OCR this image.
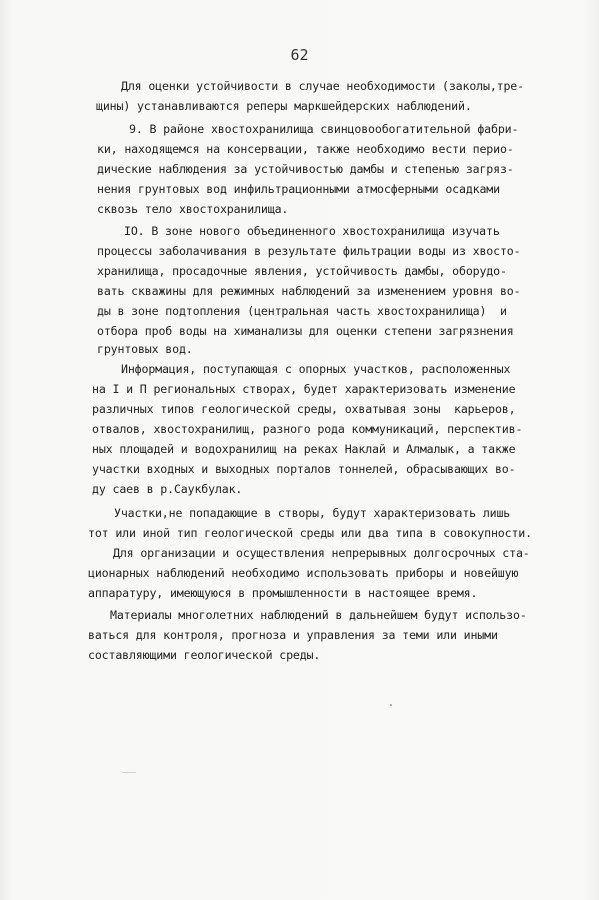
62
Для оценки устойчивости в случае необходимости (заколы,тре-
щины) устанавливаются реперы маркшейдерских наблюдений.
9. В районе хвостохранилища свинцовообогатительной фабри-
ки, находящемся на консервации, также необходимо вести перио-
дические наблюдения за устойчивостью дамбы и степенью загряз-
нения грунтовых вод инфильтрационными атмосферными осадками
сквозь тело хвостохранилища.
IO. В зоне нового объединенного хвостохранилища изучать
процессы заболачивания в результате фильтрации воды из хвосто-
хранилища, просадочные явления, устойчивость дамбы, оборудо-
вать скважины для режимных наблюдений за изменением уровня во-
ды в зоне подтопления (центральная часть хвостохранилища)  и
отбора проб воды на химанализы для оценки степени загрязнения
грунтовых вод.
Информация, поступающая с опорных участков, расположенных
на I и П региональных створах, будет характеризовать изменение
различных типов геологической среды, охватывая зоны  карьеров,
отвалов, хвостохранилищ, разного рода коммуникаций, перспектив-
ных площадей и водохранилищ на реках Наклай и Алмалык, а также
участки входных и выходных порталов тоннелей, обрасывающих во-
ду саев в р.Саукбулак.
Участки,не попадающие в створы, будут характеризовать лишь
тот или иной тип геологической среды или два типа в совокупности.
Для организации и осуществления непрерывных долгосрочных ста-
ционарных наблюдений необходимо использовать приборы и новейшую
аппаратуру, имеющуюся в промышленности в настоящее время.
Материалы многолетних наблюдений в дальнейшем будут использо-
ваться для контроля, прогноза и управления за теми или иными
составляющими геологической среды.
